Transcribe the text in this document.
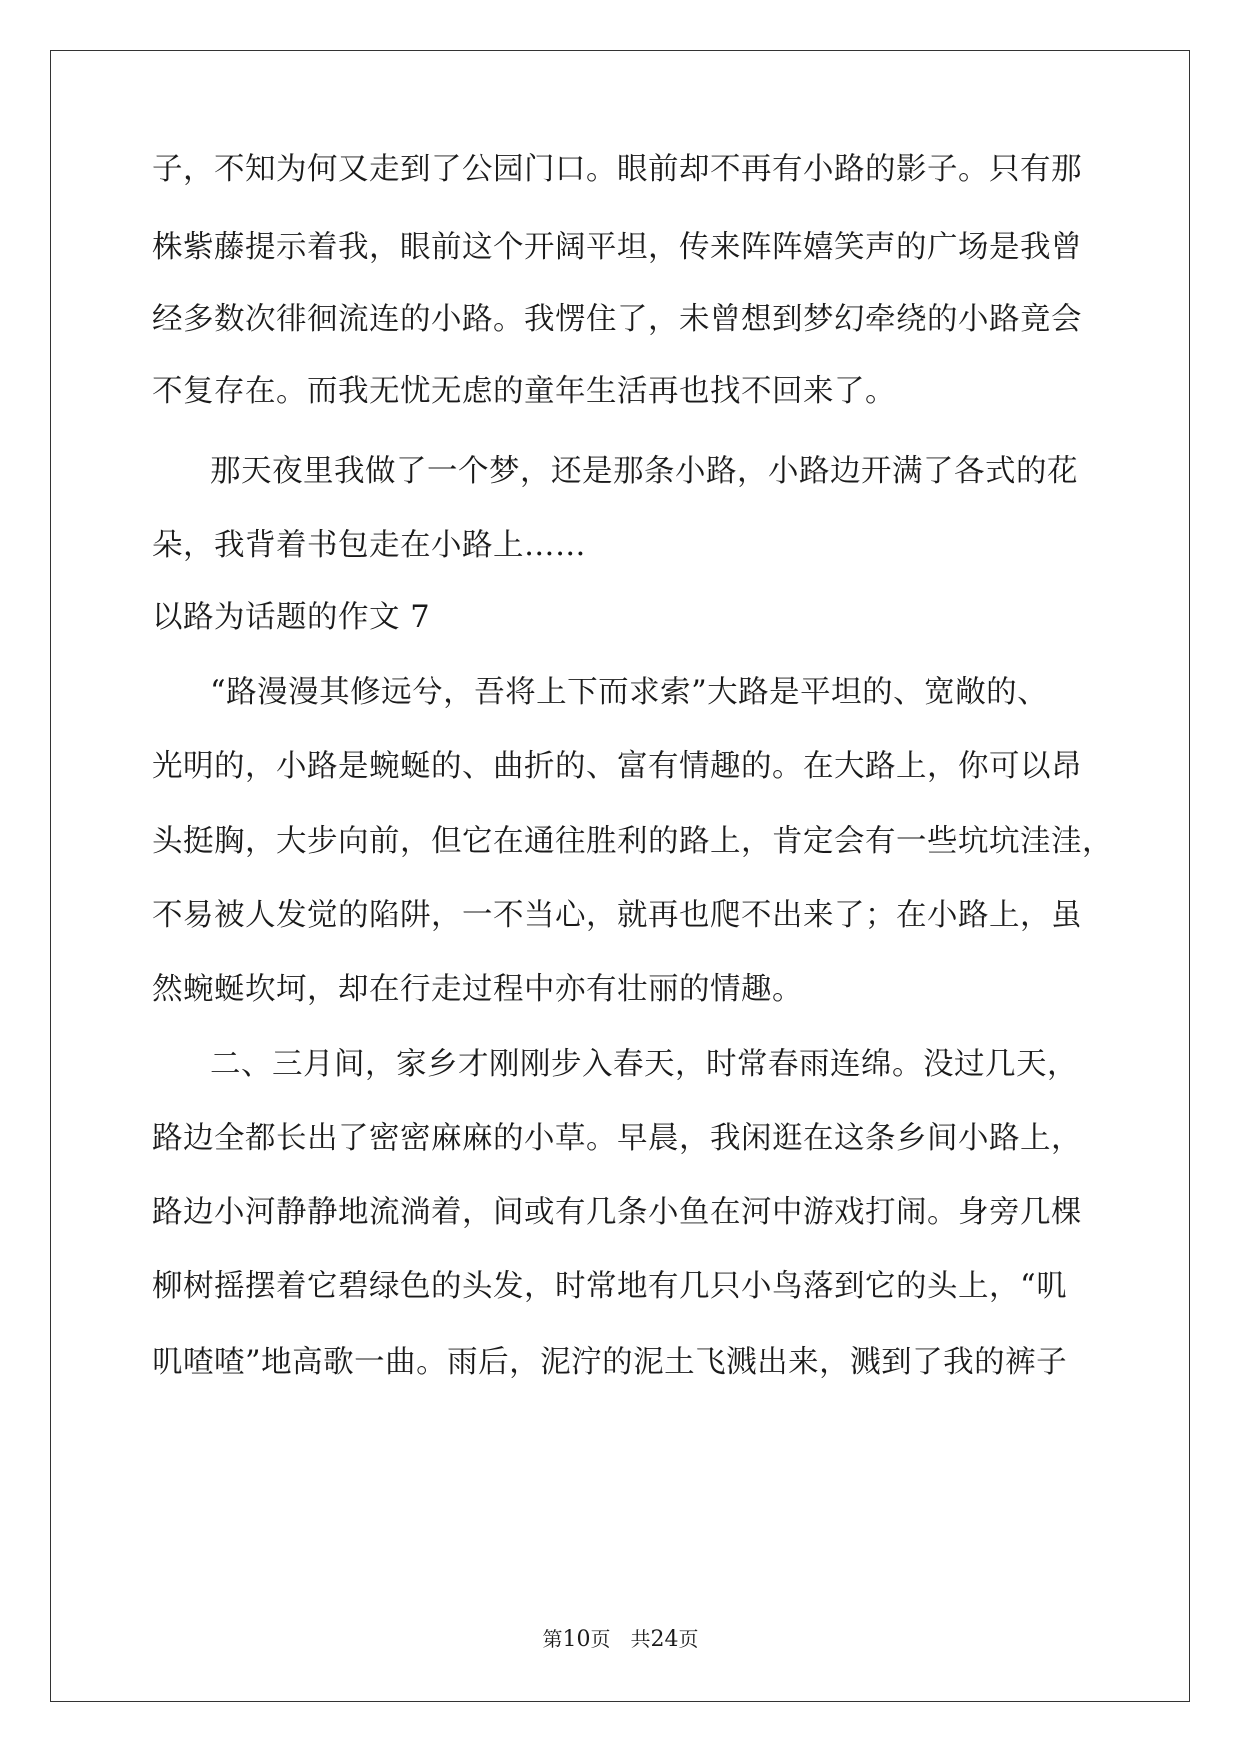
子，不知为何又走到了公园门口。眼前却不再有小路的影子。只有那
株紫藤提示着我，眼前这个开阔平坦，传来阵阵嬉笑声的广场是我曾
经多数次徘徊流连的小路。我愣住了，未曾想到梦幻牵绕的小路竟会
不复存在。而我无忧无虑的童年生活再也找不回来了。
那天夜里我做了一个梦，还是那条小路，小路边开满了各式的花
朵，我背着书包走在小路上……
以路为话题的作文 7
“路漫漫其修远兮，吾将上下而求索”大路是平坦的、宽敞的、
光明的，小路是蜿蜒的、曲折的、富有情趣的。在大路上，你可以昂
头挺胸，大步向前，但它在通往胜利的路上，肯定会有一些坑坑洼洼，
不易被人发觉的陷阱，一不当心，就再也爬不出来了；在小路上，虽
然蜿蜒坎坷，却在行走过程中亦有壮丽的情趣。
二、三月间，家乡才刚刚步入春天，时常春雨连绵。没过几天，
路边全都长出了密密麻麻的小草。早晨，我闲逛在这条乡间小路上，
路边小河静静地流淌着，间或有几条小鱼在河中游戏打闹。身旁几棵
柳树摇摆着它碧绿色的头发，时常地有几只小鸟落到它的头上，“叽
叽喳喳”地高歌一曲。雨后，泥泞的泥土飞溅出来，溅到了我的裤子
第10页　共24页
